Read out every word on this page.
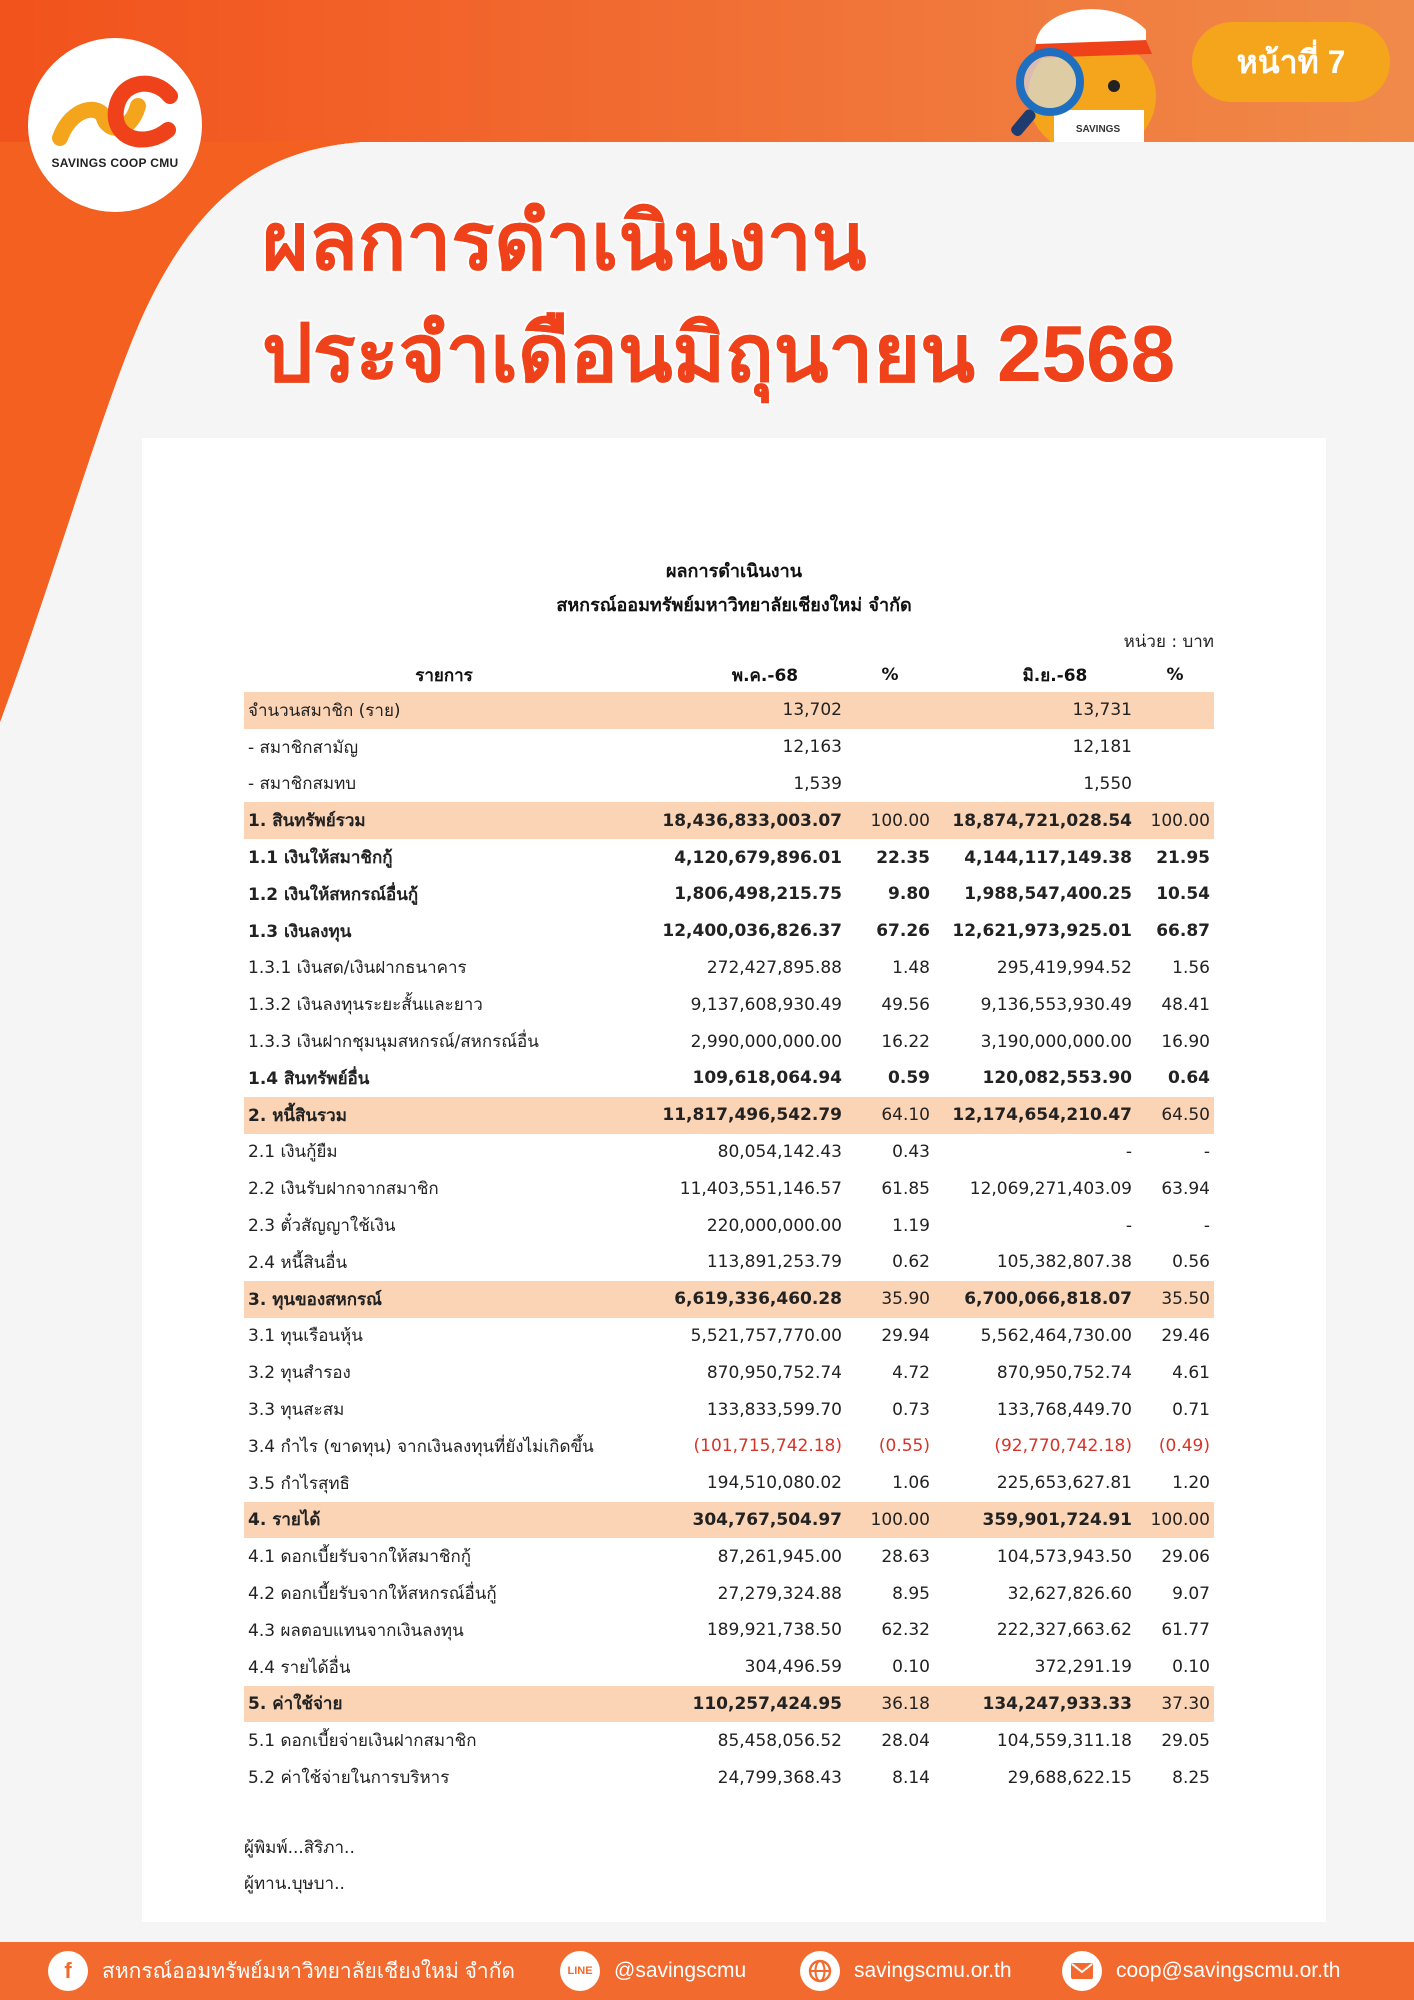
SAVINGS COOP CMU
SAVINGS
หน้าที่ 7
ผลการดำเนินงาน
ประจำเดือนมิถุนายน 2568
ผลการดำเนินงาน
สหกรณ์ออมทรัพย์มหาวิทยาลัยเชียงใหม่ จำกัด
หน่วย : บาท
รายการ	พ.ค.-68	%	มิ.ย.-68	%
จำนวนสมาชิก (ราย)	13,702		13,731	
- สมาชิกสามัญ	12,163		12,181	
- สมาชิกสมทบ	1,539		1,550	
1. สินทรัพย์รวม	18,436,833,003.07	100.00	18,874,721,028.54	100.00
1.1 เงินให้สมาชิกกู้	4,120,679,896.01	22.35	4,144,117,149.38	21.95
1.2 เงินให้สหกรณ์อื่นกู้	1,806,498,215.75	9.80	1,988,547,400.25	10.54
1.3 เงินลงทุน	12,400,036,826.37	67.26	12,621,973,925.01	66.87
1.3.1 เงินสด/เงินฝากธนาคาร	272,427,895.88	1.48	295,419,994.52	1.56
1.3.2 เงินลงทุนระยะสั้นและยาว	9,137,608,930.49	49.56	9,136,553,930.49	48.41
1.3.3 เงินฝากชุมนุมสหกรณ์/สหกรณ์อื่น	2,990,000,000.00	16.22	3,190,000,000.00	16.90
1.4 สินทรัพย์อื่น	109,618,064.94	0.59	120,082,553.90	0.64
2. หนี้สินรวม	11,817,496,542.79	64.10	12,174,654,210.47	64.50
2.1 เงินกู้ยืม	80,054,142.43	0.43	-	-
2.2 เงินรับฝากจากสมาชิก	11,403,551,146.57	61.85	12,069,271,403.09	63.94
2.3 ตั๋วสัญญาใช้เงิน	220,000,000.00	1.19	-	-
2.4 หนี้สินอื่น	113,891,253.79	0.62	105,382,807.38	0.56
3. ทุนของสหกรณ์	6,619,336,460.28	35.90	6,700,066,818.07	35.50
3.1 ทุนเรือนหุ้น	5,521,757,770.00	29.94	5,562,464,730.00	29.46
3.2 ทุนสำรอง	870,950,752.74	4.72	870,950,752.74	4.61
3.3 ทุนสะสม	133,833,599.70	0.73	133,768,449.70	0.71
3.4 กำไร (ขาดทุน) จากเงินลงทุนที่ยังไม่เกิดขึ้น	(101,715,742.18)	(0.55)	(92,770,742.18)	(0.49)
3.5 กำไรสุทธิ	194,510,080.02	1.06	225,653,627.81	1.20
4. รายได้	304,767,504.97	100.00	359,901,724.91	100.00
4.1 ดอกเบี้ยรับจากให้สมาชิกกู้	87,261,945.00	28.63	104,573,943.50	29.06
4.2 ดอกเบี้ยรับจากให้สหกรณ์อื่นกู้	27,279,324.88	8.95	32,627,826.60	9.07
4.3 ผลตอบแทนจากเงินลงทุน	189,921,738.50	62.32	222,327,663.62	61.77
4.4 รายได้อื่น	304,496.59	0.10	372,291.19	0.10
5. ค่าใช้จ่าย	110,257,424.95	36.18	134,247,933.33	37.30
5.1 ดอกเบี้ยจ่ายเงินฝากสมาชิก	85,458,056.52	28.04	104,559,311.18	29.05
5.2 ค่าใช้จ่ายในการบริหาร	24,799,368.43	8.14	29,688,622.15	8.25
ผู้พิมพ์...สิริภา..
ผู้ทาน.บุษบา..
f	สหกรณ์ออมทรัพย์มหาวิทยาลัยเชียงใหม่ จำกัด	LINE	@savingscmu	savingscmu.or.th	coop@savingscmu.or.th
